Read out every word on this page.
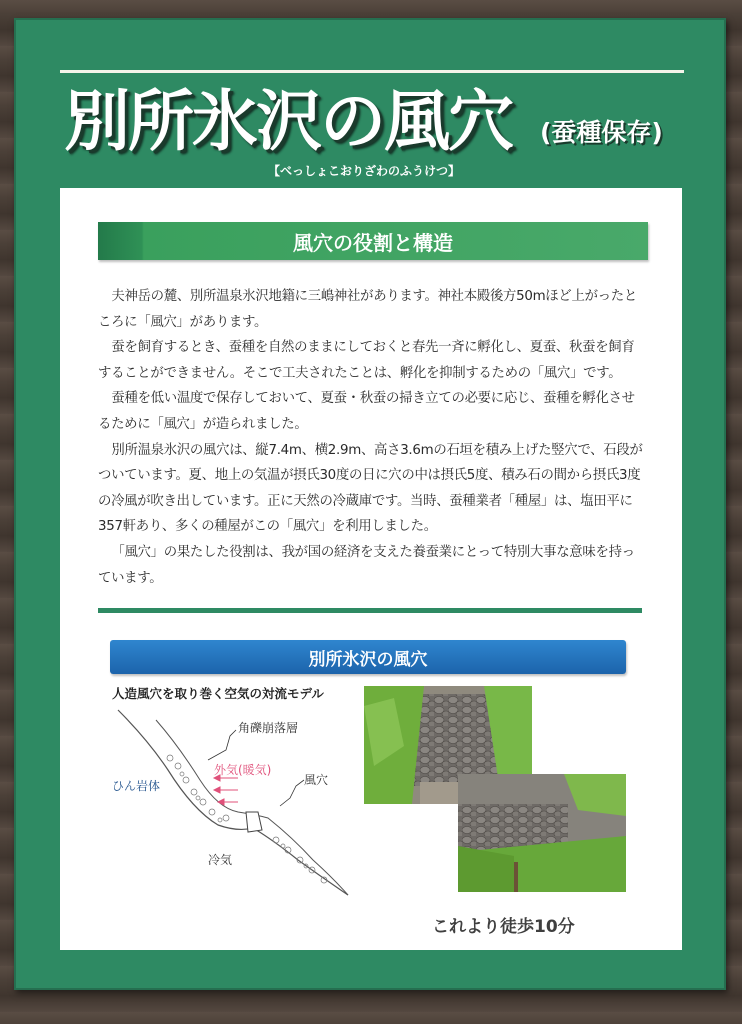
別所氷沢の風穴 (蚕種保存)
【べっしょこおりざわのふうけつ】
風穴の役割と構造

夫神岳の麓、別所温泉氷沢地籍に三嶋神社があります。神社本殿後方50mほど上がったところに「風穴」があります。

蚕を飼育するとき、蚕種を自然のままにしておくと春先一斉に孵化し、夏蚕、秋蚕を飼育することができません。そこで工夫されたことは、孵化を抑制するための「風穴」です。

蚕種を低い温度で保存しておいて、夏蚕・秋蚕の掃き立ての必要に応じ、蚕種を孵化させるために「風穴」が造られました。

別所温泉氷沢の風穴は、縦7.4m、横2.9m、高さ3.6mの石垣を積み上げた竪穴で、石段がついています。夏、地上の気温が摂氏30度の日に穴の中は摂氏5度、積み石の間から摂氏3度の冷風が吹き出しています。正に天然の冷蔵庫です。当時、蚕種業者「種屋」は、塩田平に357軒あり、多くの種屋がこの「風穴」を利用しました。

「風穴」の果たした役割は、我が国の経済を支えた養蚕業にとって特別大事な意味を持っています。

別所氷沢の風穴
人造風穴を取り巻く空気の対流モデル
角礫崩落層
外気(暖気)
ひん岩体	風穴
冷気
これより徒歩10分
